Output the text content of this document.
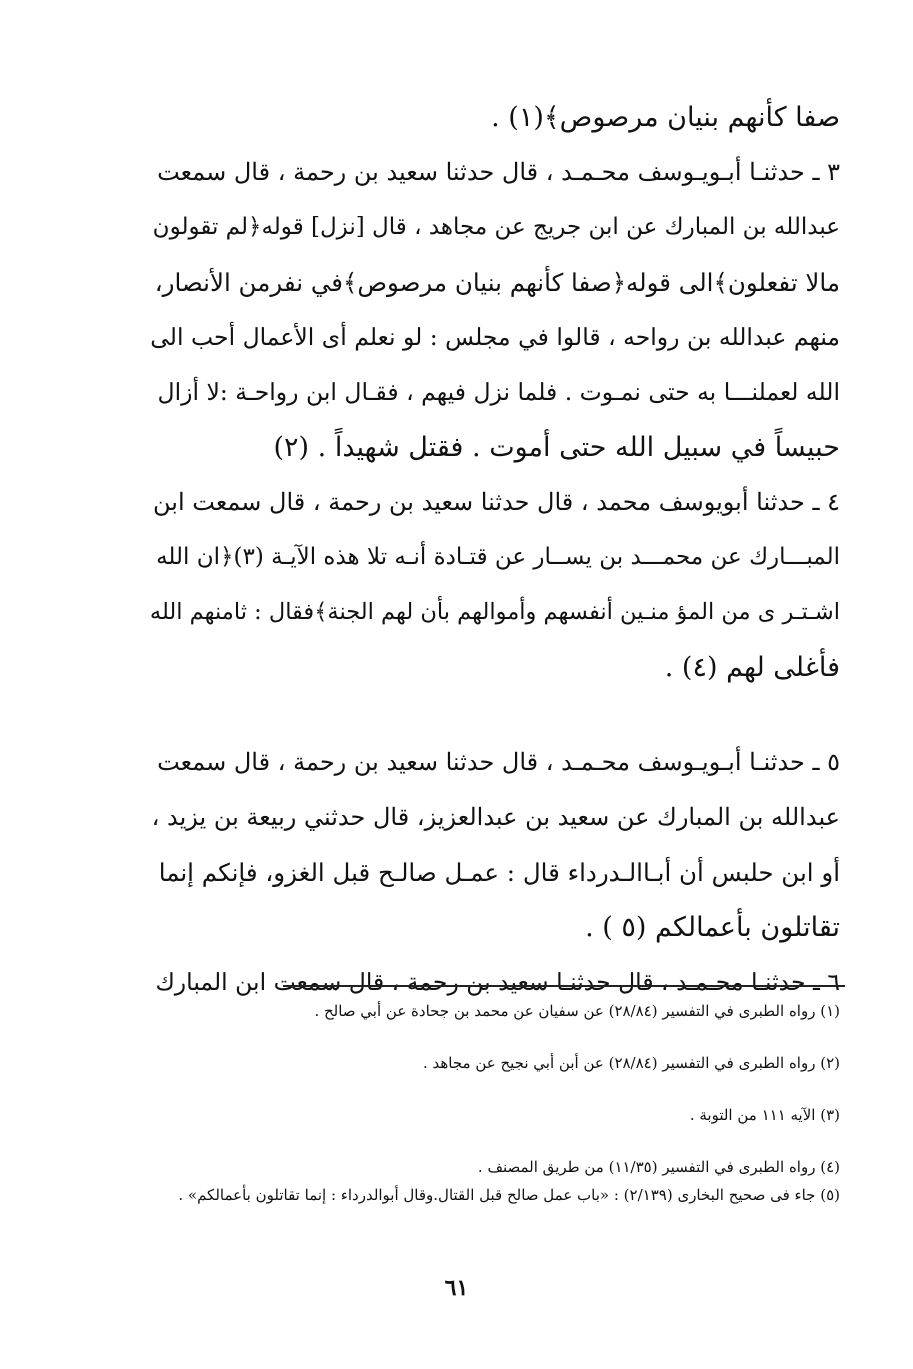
صفا كأنهم بنيان مرصوص﴾(١) .
٣ ـ حدثنـا أبـويـوسف محـمـد ، قال حدثنا سعيد بن رحمة ، قال سمعت
عبدالله بن المبارك عن ابن جريج عن مجاهد ، قال [نزل] قوله﴿لم تقولون
مالا تفعلون﴾الى قوله﴿صفا كأنهم بنيان مرصوص﴾في نفرمن الأنصار،
منهم عبدالله بن رواحه ، قالوا في مجلس : لو نعلم أى الأعمال أحب الى
الله لعملنـــا به حتى نمـوت . فلما نزل فيهم ، فقـال ابن رواحـة :لا أزال
حبيساً في سبيل الله حتى أموت . فقتل شهيداً . (٢)
٤ ـ حدثنا أبويوسف محمد ، قال حدثنا سعيد بن رحمة ، قال سمعت ابن
المبـــارك عن محمـــد بن يســار عن قتـادة أنـه تلا هذه الآيـة (٣)﴿ان الله
اشـتـر ى من المؤ منـين أنفسهم وأموالهم بأن لهم الجنة﴾فقال : ثامنهم الله
فأغلى لهم (٤) .
٥ ـ حدثنـا أبـويـوسف محـمـد ، قال حدثنا سعيد بن رحمة ، قال سمعت
عبدالله بن المبارك عن سعيد بن عبدالعزيز، قال حدثني ربيعة بن يزيد ،
أو ابن حلبس أن أبـاالـدرداء قال : عمـل صالـح قبل الغزو، فإنكم إنما
تقاتلون بأعمالكم (٥ ) .
٦ ـ حدثنـا محـمـد ، قال حدثنـا سعيد بن رحمة ، قال سمعت ابن المبارك
(١) رواه الطبرى في التفسير (٢٨/٨٤) عن سفيان عن محمد بن جحادة عن أبي صالح .
(٢) رواه الطبرى في التفسير (٢٨/٨٤) عن أبن أبي نجيح عن مجاهد .
(٣) الآيه ١١١ من التوبة .
(٤) رواه الطبرى في التفسير (١١/٣٥) من طريق المصنف .
(٥) جاء فى صحيح البخارى (٢/١٣٩) : «باب عمل صالح قبل القتال.وقال أبوالدرداء : إنما تقاتلون بأعمالكم» .
٦١
